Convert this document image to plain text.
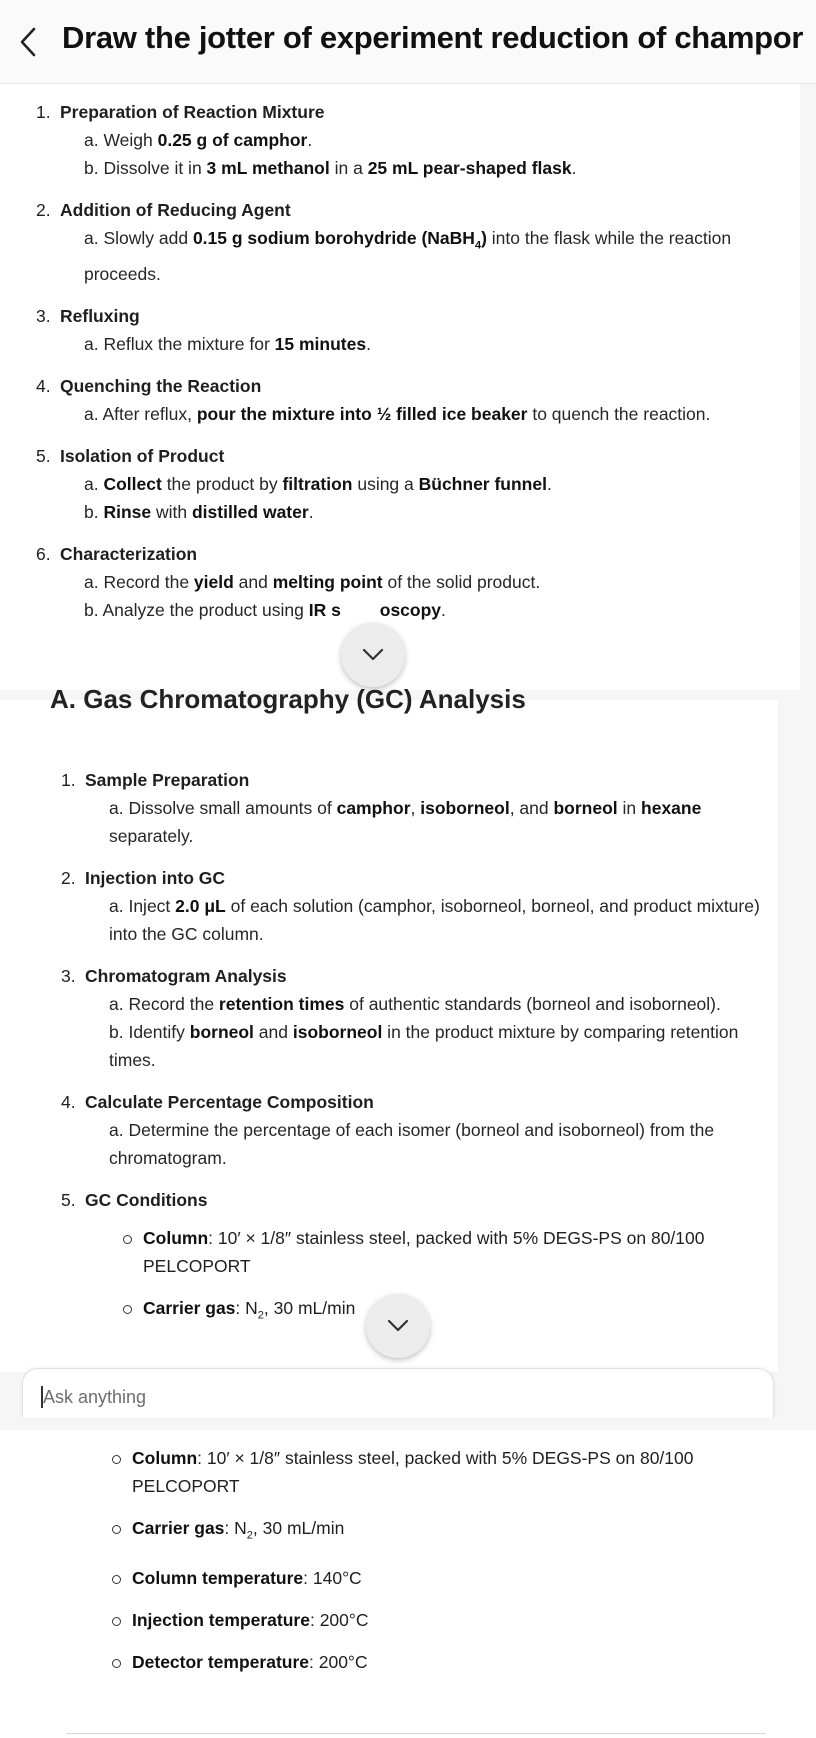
Draw the jotter of experiment reduction of champor
1. Preparation of Reaction Mixture
a. Weigh 0.25 g of camphor.
b. Dissolve it in 3 mL methanol in a 25 mL pear-shaped flask.
2. Addition of Reducing Agent
a. Slowly add 0.15 g sodium borohydride (NaBH$_4$) into the flask while the reaction proceeds.
3. Refluxing
a. Reflux the mixture for 15 minutes.
4. Quenching the Reaction
a. After reflux, pour the mixture into ½ filled ice beaker to quench the reaction.
5. Isolation of Product
a. Collect the product by filtration using a Büchner funnel.
b. Rinse with distilled water.
6. Characterization
a. Record the yield and melting point of the solid product.
b. Analyze the product using IR s oscopy.
A. Gas Chromatography (GC) Analysis
1. Sample Preparation
a. Dissolve small amounts of camphor, isoborneol, and borneol in hexane separately.
2. Injection into GC
a. Inject 2.0 μL of each solution (camphor, isoborneol, borneol, and product mixture) into the GC column.
3. Chromatogram Analysis
a. Record the retention times of authentic standards (borneol and isoborneol).
b. Identify borneol and isoborneol in the product mixture by comparing retention times.
4. Calculate Percentage Composition
a. Determine the percentage of each isomer (borneol and isoborneol) from the chromatogram.
5. GC Conditions
Column: 10′ × 1/8″ stainless steel, packed with 5% DEGS-PS on 80/100 PELCOPORT
Carrier gas: $N_2$, 30 mL/min
Ask anything
Column: 10′ × 1/8″ stainless steel, packed with 5% DEGS-PS on 80/100 PELCOPORT
Carrier gas: $N_2$, 30 mL/min
Column temperature: 140°C
Injection temperature: 200°C
Detector temperature: 200°C
